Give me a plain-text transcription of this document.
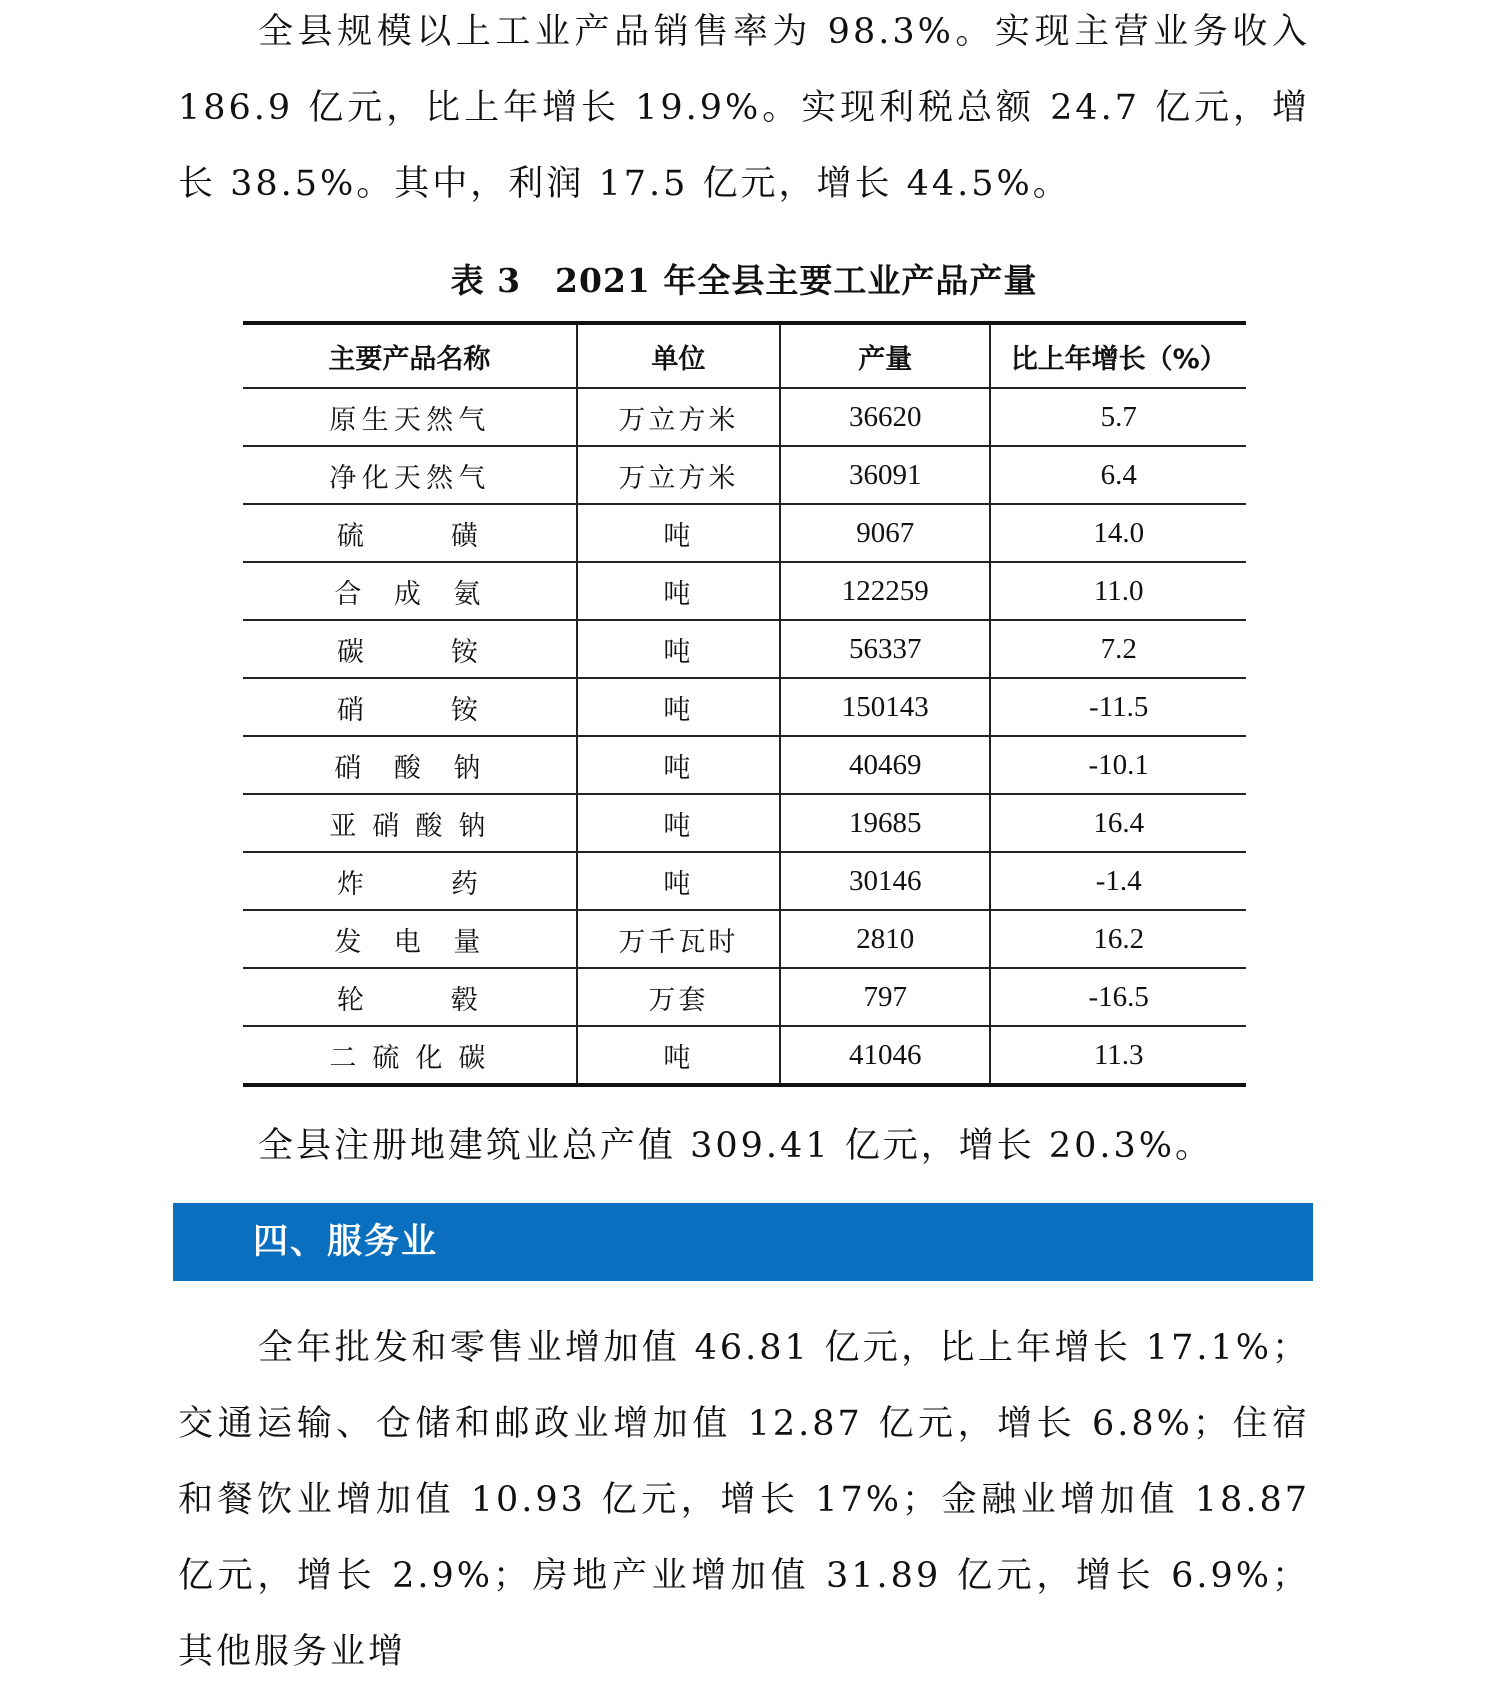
全县规模以上工业产品销售率为 98.3%。实现主营业务收入 186.9 亿元，比上年增长 19.9%。实现利税总额 24.7 亿元，增长 38.5%。其中，利润 17.5 亿元，增长 44.5%。

表 3　2021 年全县主要工业产品产量
主要产品名称	单位	产量	比上年增长（%）

原 生 天 然 气	万立方米	36620	5.7

净 化 天 然 气	万立方米	36091	6.4

硫 磺	吨	9067	14.0

合 成 氨	吨	122259	11.0

碳 铵	吨	56337	7.2

硝 铵	吨	150143	-11.5

硝 酸 钠	吨	40469	-10.1

亚 硝 酸 钠	吨	19685	16.4

炸 药	吨	30146	-1.4

发 电 量	万千瓦时	2810	16.2

轮 毂	万套	797	-16.5

二 硫 化 碳	吨	41046	11.3

全县注册地建筑业总产值 309.41 亿元，增长 20.3%。

四、服务业

全年批发和零售业增加值 46.81 亿元，比上年增长 17.1%；交通运输、仓储和邮政业增加值 12.87 亿元，增长 6.8%；住宿和餐饮业增加值 10.93 亿元，增长 17%；金融业增加值 18.87 亿元，增长 2.9%；房地产业增加值 31.89 亿元，增长 6.9%；其他服务业增
